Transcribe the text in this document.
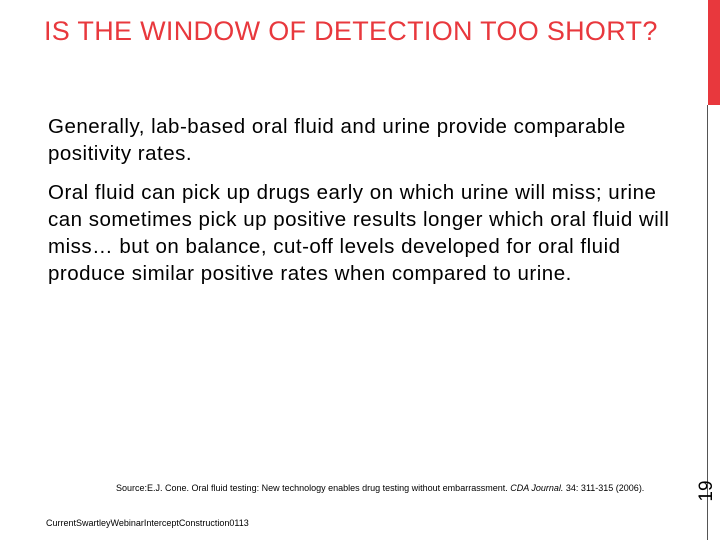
IS THE WINDOW OF DETECTION TOO SHORT?

Generally, lab-based oral fluid and urine provide comparable positivity rates.

Oral fluid can pick up drugs early on which urine will miss; urine can sometimes pick up positive results longer which oral fluid will miss… but on balance, cut-off levels developed for oral fluid produce similar positive rates when compared to urine.

Source:E.J. Cone. Oral fluid testing: New technology enables drug testing without embarrassment. CDA Journal. 34: 311-315 (2006).
CurrentSwartleyWebinarInterceptConstruction0113
19
